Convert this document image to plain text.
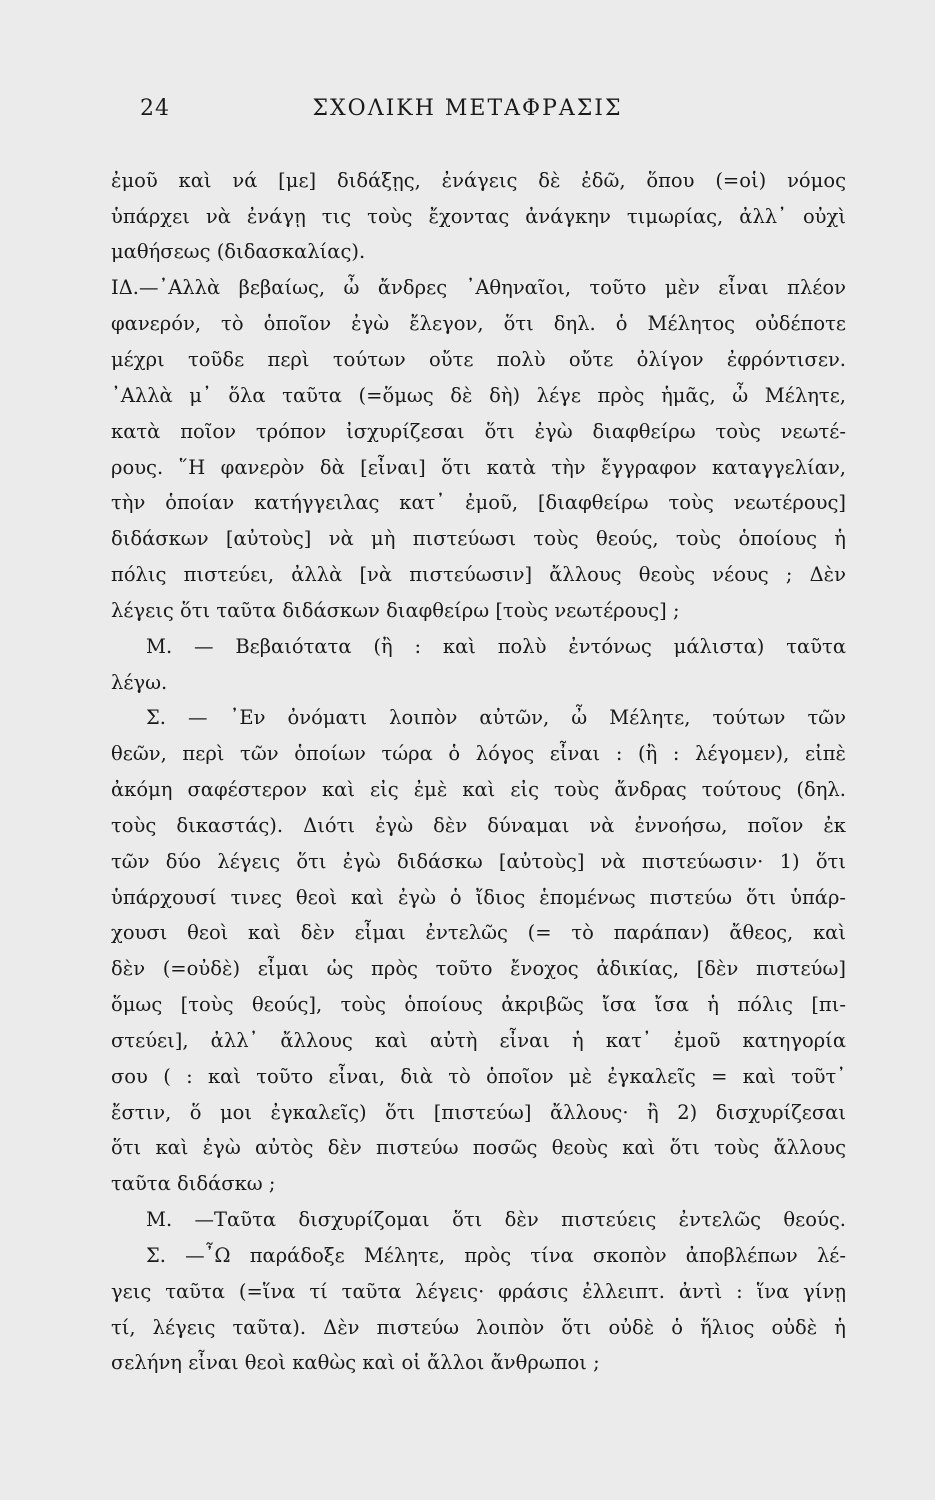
24	ΣΧΟΛΙΚΗ ΜΕΤΑΦΡΑΣΙΣ
ἐμοῦ καὶ νά [με] διδάξῃς, ἐνάγεις δὲ ἐδῶ, ὅπου (=οἱ) νόμος
ὑπάρχει νὰ ἐνάγῃ τις τοὺς ἔχοντας ἀνάγκην τιμωρίας, ἀλλ᾽ οὐχὶ
μαθήσεως (διδασκαλίας).
ΙΔ.—᾽Αλλὰ βεβαίως, ὦ ἄνδρες ᾽Αθηναῖοι, τοῦτο μὲν εἶναι πλέον
φανερόν, τὸ ὁποῖον ἐγὼ ἔλεγον, ὅτι δηλ. ὁ Μέλητος οὐδέποτε
μέχρι τοῦδε περὶ τούτων οὔτε πολὺ οὔτε ὀλίγον ἐφρόντισεν.
᾽Αλλὰ μ᾽ ὅλα ταῦτα (=ὅμως δὲ δὴ) λέγε πρὸς ἡμᾶς, ὦ Μέλητε,
κατὰ ποῖον τρόπον ἰσχυρίζεσαι ὅτι ἐγὼ διαφθείρω τοὺς νεωτέ-
ρους. ῞Η φανερὸν δὰ [εἶναι] ὅτι κατὰ τὴν ἔγγραφον καταγγελίαν,
τὴν ὁποίαν κατήγγειλας κατ᾽ ἐμοῦ, [διαφθείρω τοὺς νεωτέρους]
διδάσκων [αὐτοὺς] νὰ μὴ πιστεύωσι τοὺς θεούς, τοὺς ὁποίους ἡ
πόλις πιστεύει, ἀλλὰ [νὰ πιστεύωσιν] ἄλλους θεοὺς νέους ; Δὲν
λέγεις ὅτι ταῦτα διδάσκων διαφθείρω [τοὺς νεωτέρους] ;
Μ. — Βεβαιότατα (ἢ : καὶ πολὺ ἐντόνως μάλιστα) ταῦτα
λέγω.
Σ. — ᾽Εν ὀνόματι λοιπὸν αὐτῶν, ὦ Μέλητε, τούτων τῶν
θεῶν, περὶ τῶν ὁποίων τώρα ὁ λόγος εἶναι : (ἢ : λέγομεν), εἰπὲ
ἀκόμη σαφέστερον καὶ εἰς ἐμὲ καὶ εἰς τοὺς ἄνδρας τούτους (δηλ.
τοὺς δικαστάς). Διότι ἐγὼ δὲν δύναμαι νὰ ἐννοήσω, ποῖον ἐκ
τῶν δύο λέγεις ὅτι ἐγὼ διδάσκω [αὐτοὺς] νὰ πιστεύωσιν· 1) ὅτι
ὑπάρχουσί τινες θεοὶ καὶ ἐγὼ ὁ ἴδιος ἑπομένως πιστεύω ὅτι ὑπάρ-
χουσι θεοὶ καὶ δὲν εἶμαι ἐντελῶς (= τὸ παράπαν) ἄθεος, καὶ
δὲν (=οὐδὲ) εἶμαι ὡς πρὸς τοῦτο ἔνοχος ἀδικίας, [δὲν πιστεύω]
ὅμως [τοὺς θεούς], τοὺς ὁποίους ἀκριβῶς ἴσα ἴσα ἡ πόλις [πι-
στεύει], ἀλλ᾽ ἄλλους καὶ αὐτὴ εἶναι ἡ κατ᾽ ἐμοῦ κατηγορία
σου ( : καὶ τοῦτο εἶναι, διὰ τὸ ὁποῖον μὲ ἐγκαλεῖς = καὶ τοῦτ᾽
ἔστιν, ὅ μοι ἐγκαλεῖς) ὅτι [πιστεύω] ἄλλους· ἢ 2) δισχυρίζεσαι
ὅτι καὶ ἐγὼ αὐτὸς δὲν πιστεύω ποσῶς θεοὺς καὶ ὅτι τοὺς ἄλλους
ταῦτα διδάσκω ;
Μ. —Ταῦτα δισχυρίζομαι ὅτι δὲν πιστεύεις ἐντελῶς θεούς.
Σ. —῏Ω παράδοξε Μέλητε, πρὸς τίνα σκοπὸν ἀποβλέπων λέ-
γεις ταῦτα (=ἵνα τί ταῦτα λέγεις· φράσις ἐλλειπτ. ἀντὶ : ἵνα γίνῃ
τί, λέγεις ταῦτα). Δὲν πιστεύω λοιπὸν ὅτι οὐδὲ ὁ ἥλιος οὐδὲ ἡ
σελήνη εἶναι θεοὶ καθὼς καὶ οἱ ἄλλοι ἄνθρωποι ;
